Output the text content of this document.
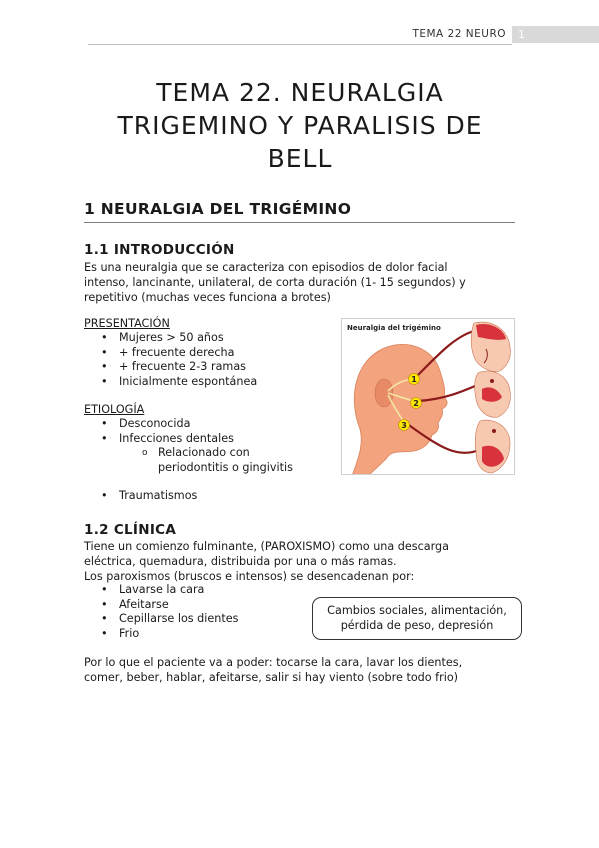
TEMA 22 NEURO	1
TEMA 22. NEURALGIA
TRIGEMINO Y PARALISIS DE
BELL
1 NEURALGIA DEL TRIGÉMINO
1.1 INTRODUCCIÓN
Es una neuralgia que se caracteriza con episodios de dolor facial
intenso, lancinante, unilateral, de corta duración (1- 15 segundos) y
repetitivo (muchas veces funciona a brotes)
PRESENTACIÓN
• Mujeres > 50 años
• + frecuente derecha
• + frecuente 2-3 ramas
• Inicialmente espontánea
ETIOLOGÍA
• Desconocida
• Infecciones dentales
o Relacionado con
periodontitis o gingivitis
• Traumatismos
Neuralgia del trigémino
1
2
3
1.2 CLÍNICA
Tiene un comienzo fulminante, (PAROXISMO) como una descarga
eléctrica, quemadura, distribuida por una o más ramas.
Los paroxismos (bruscos e intensos) se desencadenan por:
• Lavarse la cara
• Afeitarse
• Cepillarse los dientes
• Frio
Cambios sociales, alimentación,
pérdida de peso, depresión
Por lo que el paciente va a poder: tocarse la cara, lavar los dientes,
comer, beber, hablar, afeitarse, salir si hay viento (sobre todo frio)
